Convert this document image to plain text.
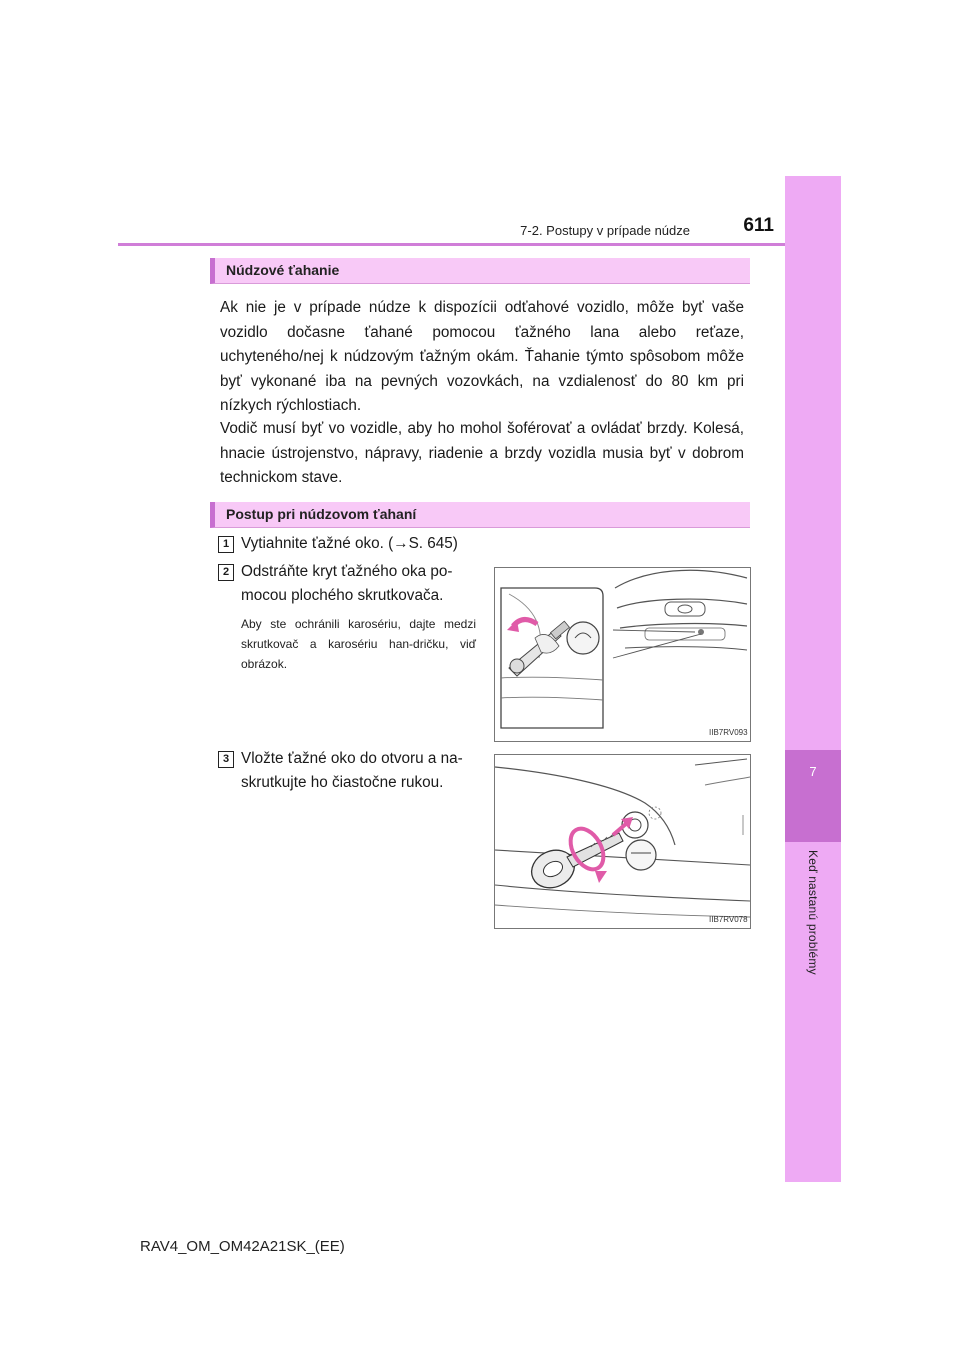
7
Keď nastanú problémy
7-2. Postupy v prípade núdze	611
Núdzové ťahanie
Ak nie je v prípade núdze k dispozícii odťahové vozidlo, môže byť vaše vozidlo dočasne ťahané pomocou ťažného lana alebo reťaze, uchyteného/nej k núdzovým ťažným okám. Ťahanie týmto spôsobom môže byť vykonané iba na pevných vozovkách, na vzdialenosť do 80 km pri nízkych rýchlostiach.
Vodič musí byť vo vozidle, aby ho mohol šoférovať a ovládať brzdy. Kolesá, hnacie ústrojenstvo, nápravy, riadenie a brzdy vozidla musia byť v dobrom technickom stave.
Postup pri núdzovom ťahaní
1 Vytiahnite ťažné oko. (→S. 645)
2 Odstráňte kryt ťažného oka po-
mocou plochého skrutkovača.
Aby ste ochránili karosériu, dajte medzi skrutkovač a karosériu han-dričku, viď obrázok.
IIB7RV093
3 Vložte ťažné oko do otvoru a na-
skrutkujte ho čiastočne rukou.
IIB7RV078
RAV4_OM_OM42A21SK_(EE)
